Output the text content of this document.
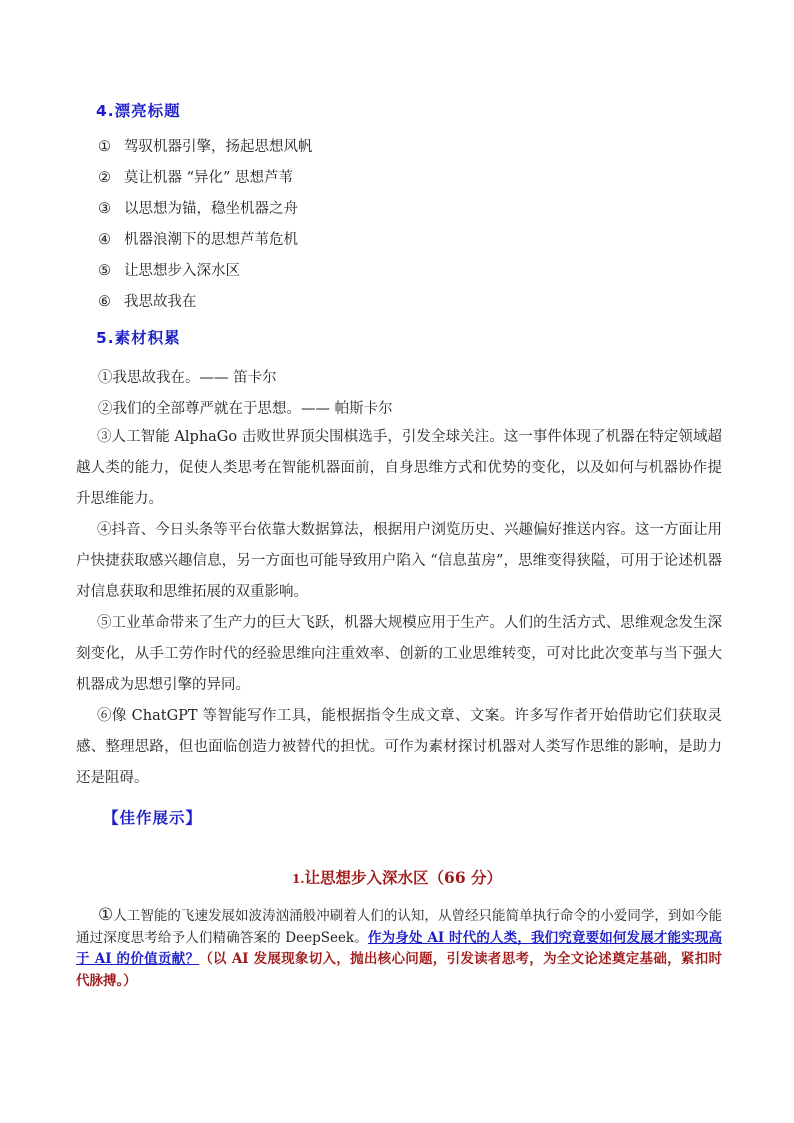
4.漂亮标题
① 驾驭机器引擎，扬起思想风帆
② 莫让机器 “异化” 思想芦苇
③ 以思想为锚，稳坐机器之舟
④ 机器浪潮下的思想芦苇危机
⑤ 让思想步入深水区
⑥ 我思故我在
5.素材积累
①我思故我在。—— 笛卡尔
②我们的全部尊严就在于思想。—— 帕斯卡尔
③人工智能 AlphaGo 击败世界顶尖围棋选手，引发全球关注。这一事件体现了机器在特定领域超越人类的能力，促使人类思考在智能机器面前，自身思维方式和优势的变化，以及如何与机器协作提升思维能力。
④抖音、今日头条等平台依靠大数据算法，根据用户浏览历史、兴趣偏好推送内容。这一方面让用户快捷获取感兴趣信息，另一方面也可能导致用户陷入 “信息茧房”，思维变得狭隘，可用于论述机器对信息获取和思维拓展的双重影响。
⑤工业革命带来了生产力的巨大飞跃，机器大规模应用于生产。人们的生活方式、思维观念发生深刻变化，从手工劳作时代的经验思维向注重效率、创新的工业思维转变，可对比此次变革与当下强大机器成为思想引擎的异同。
⑥像 ChatGPT 等智能写作工具，能根据指令生成文章、文案。许多写作者开始借助它们获取灵感、整理思路，但也面临创造力被替代的担忧。可作为素材探讨机器对人类写作思维的影响，是助力还是阻碍。
【佳作展示】
1.让思想步入深水区（66 分）
①人工智能的飞速发展如波涛汹涌般冲刷着人们的认知，从曾经只能简单执行命令的小爱同学，到如今能通过深度思考给予人们精确答案的 DeepSeek。作为身处 AI 时代的人类，我们究竟要如何发展才能实现高于 AI 的价值贡献？（以 AI 发展现象切入，抛出核心问题，引发读者思考，为全文论述奠定基础，紧扣时代脉搏。）
